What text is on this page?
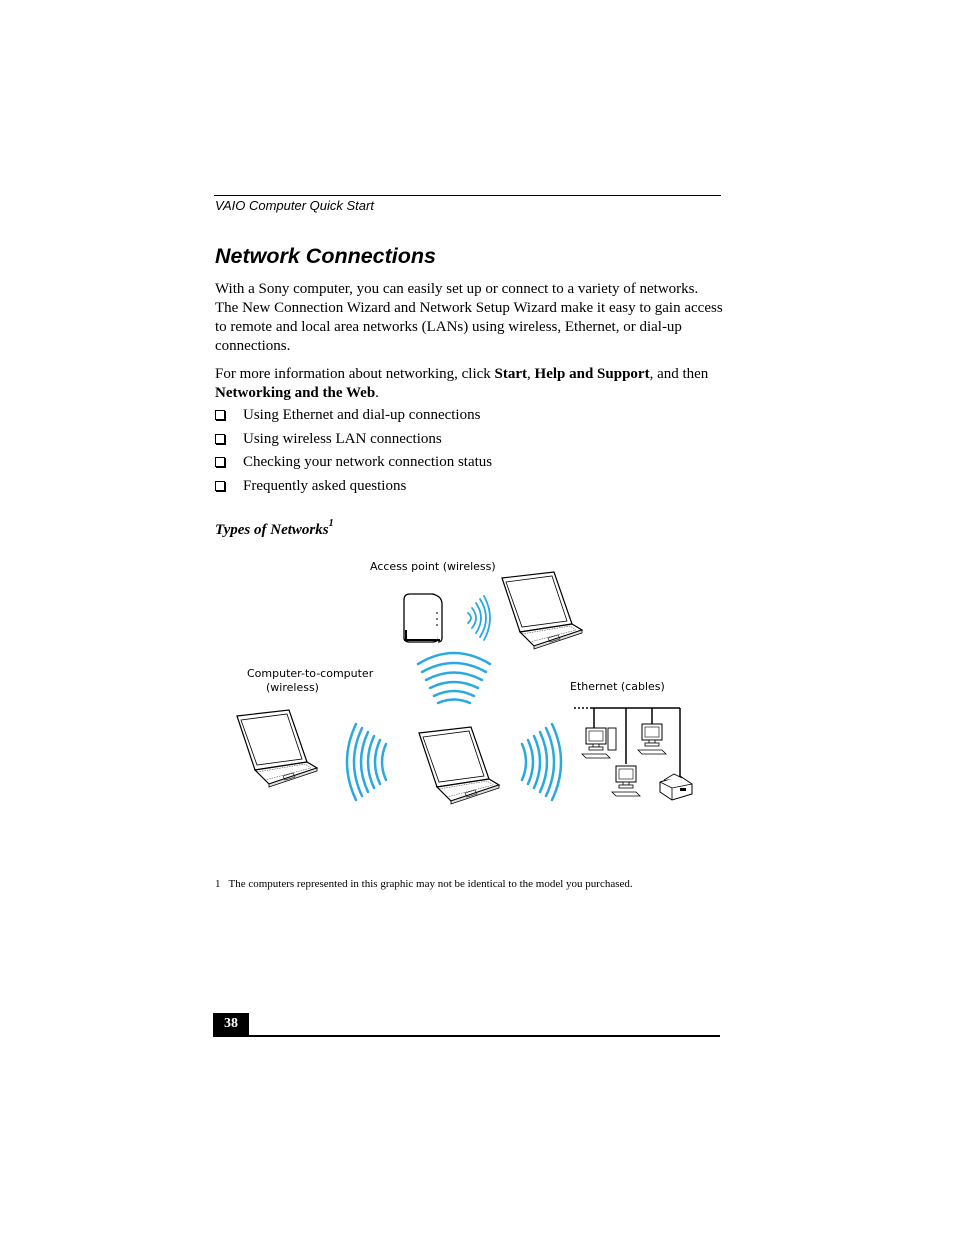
VAIO Computer Quick Start
Network Connections

With a Sony computer, you can easily set up or connect to a variety of networks. The New Connection Wizard and Network Setup Wizard make it easy to gain access to remote and local area networks (LANs) using wireless, Ethernet, or dial-up connections.

For more information about networking, click Start, Help and Support, and then Networking and the Web.

Using Ethernet and dial-up connections
Using wireless LAN connections
Checking your network connection status
Frequently asked questions
Types of Networks$^1$
Access point (wireless)
Computer-to-computer
(wireless)	Ethernet (cables)
1 The computers represented in this graphic may not be identical to the model you purchased.
38
